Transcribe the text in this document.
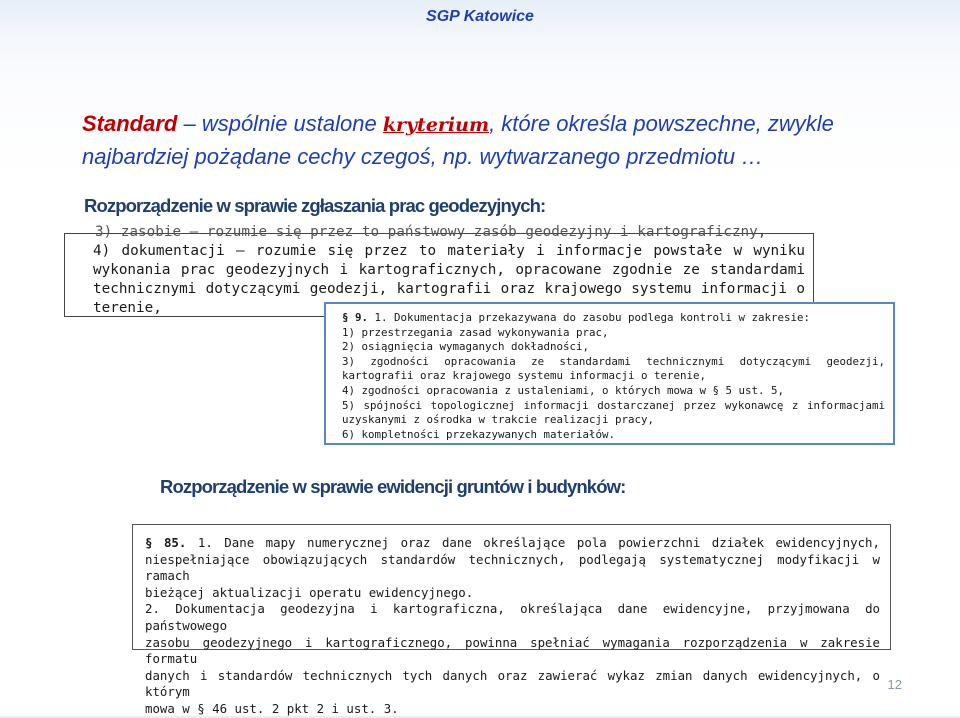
SGP Katowice
Standard – wspólnie ustalone kryterium, które określa powszechne, zwykle najbardziej pożądane cechy czegoś, np. wytwarzanego przedmiotu …
Rozporządzenie w sprawie zgłaszania prac geodezyjnych:
3) zasobie – rozumie się przez to państwowy zasób geodezyjny i kartograficzny,
4) dokumentacji – rozumie się przez to materiały i informacje powstałe w wyniku
wykonania prac geodezyjnych i kartograficznych, opracowane zgodnie ze standardami
technicznymi dotyczącymi geodezji, kartografii oraz krajowego systemu informacji o
terenie,
§ 9. 1. Dokumentacja przekazywana do zasobu podlega kontroli w zakresie:
1) przestrzegania zasad wykonywania prac,
2) osiągnięcia wymaganych dokładności,
3) zgodności opracowania ze standardami technicznymi dotyczącymi geodezji,
kartografii oraz krajowego systemu informacji o terenie,
4) zgodności opracowania z ustaleniami, o których mowa w § 5 ust. 5,
5) spójności topologicznej informacji dostarczanej przez wykonawcę z informacjami
uzyskanymi z ośrodka w trakcie realizacji pracy,
6) kompletności przekazywanych materiałów.
Rozporządzenie w sprawie ewidencji gruntów i budynków:
§ 85. 1. Dane mapy numerycznej oraz dane określające pola powierzchni działek ewidencyjnych,
niespełniające obowiązujących standardów technicznych, podlegają systematycznej modyfikacji w ramach
bieżącej aktualizacji operatu ewidencyjnego.
2. Dokumentacja geodezyjna i kartograficzna, określająca dane ewidencyjne, przyjmowana do państwowego
zasobu geodezyjnego i kartograficznego, powinna spełniać wymagania rozporządzenia w zakresie formatu
danych i standardów technicznych tych danych oraz zawierać wykaz zmian danych ewidencyjnych, o którym
mowa w § 46 ust. 2 pkt 2 i ust. 3.
12
